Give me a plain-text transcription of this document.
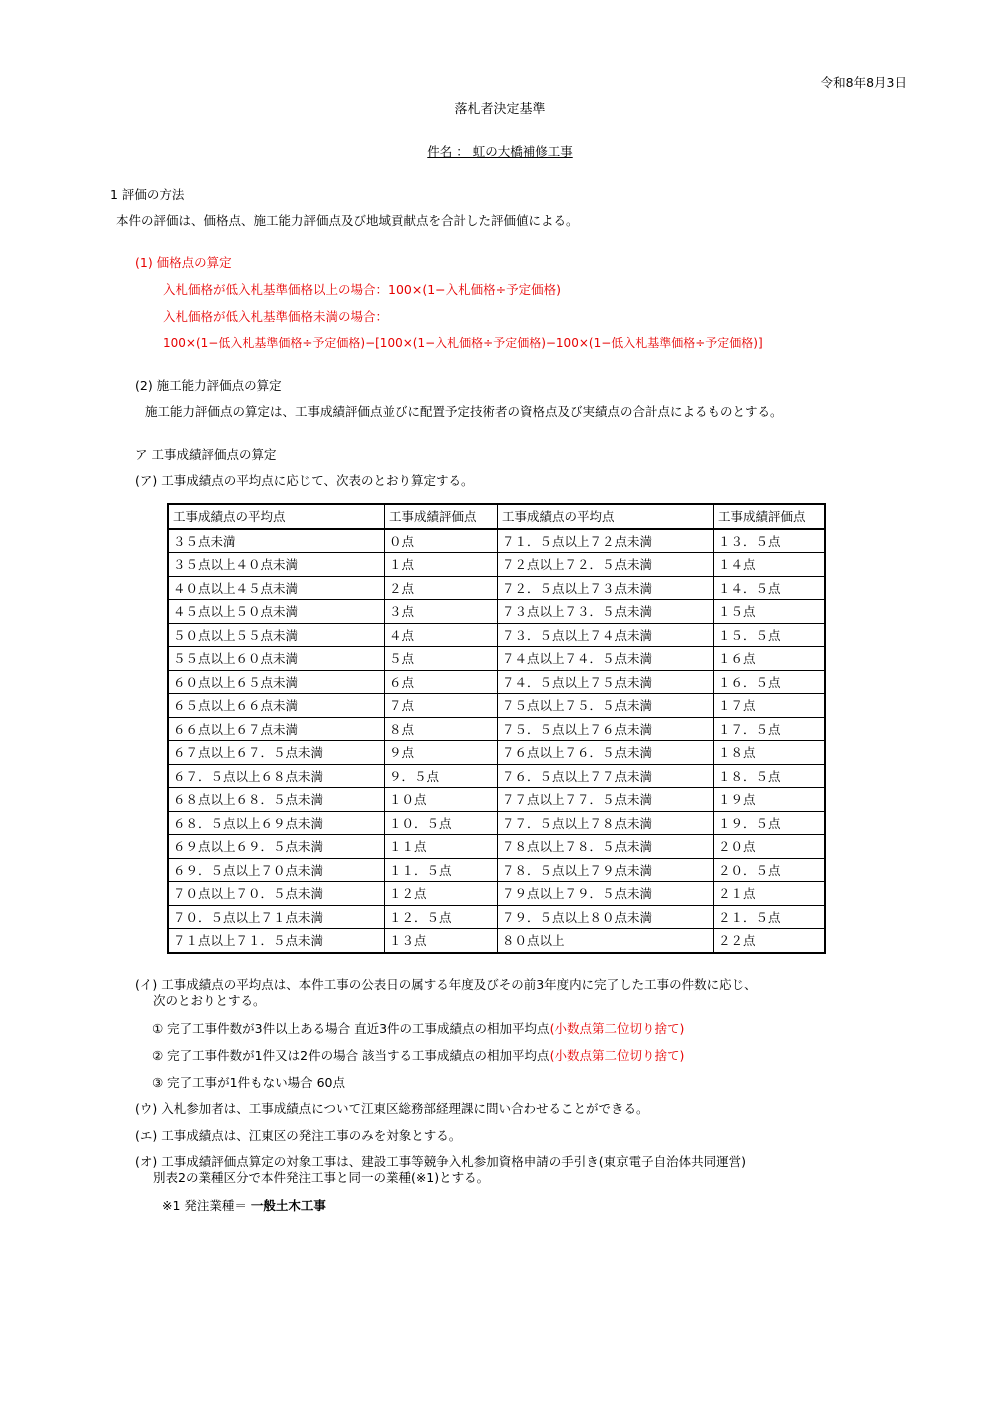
令和8年8月3日
落札者決定基準
件名 ： 虹の大橋補修工事
1 評価の方法
本件の評価は、価格点、施工能力評価点及び地域貢献点を合計した評価値による。
(1) 価格点の算定
入札価格が低入札基準価格以上の場合：100×(1−入札価格÷予定価格)
入札価格が低入札基準価格未満の場合：
100×(1−低入札基準価格÷予定価格)−[100×(1−入札価格÷予定価格)−100×(1−低入札基準価格÷予定価格)]
(2) 施工能力評価点の算定
施工能力評価点の算定は、工事成績評価点並びに配置予定技術者の資格点及び実績点の合計点によるものとする。
ア 工事成績評価点の算定
(ア) 工事成績点の平均点に応じて、次表のとおり算定する。
工事成績点の平均点	工事成績評価点	工事成績点の平均点	工事成績評価点
３５点未満	０点	７１．５点以上７２点未満	１３．５点
３５点以上４０点未満	１点	７２点以上７２．５点未満	１４点
４０点以上４５点未満	２点	７２．５点以上７３点未満	１４．５点
４５点以上５０点未満	３点	７３点以上７３．５点未満	１５点
５０点以上５５点未満	４点	７３．５点以上７４点未満	１５．５点
５５点以上６０点未満	５点	７４点以上７４．５点未満	１６点
６０点以上６５点未満	６点	７４．５点以上７５点未満	１６．５点
６５点以上６６点未満	７点	７５点以上７５．５点未満	１７点
６６点以上６７点未満	８点	７５．５点以上７６点未満	１７．５点
６７点以上６７．５点未満	９点	７６点以上７６．５点未満	１８点
６７．５点以上６８点未満	９．５点	７６．５点以上７７点未満	１８．５点
６８点以上６８．５点未満	１０点	７７点以上７７．５点未満	１９点
６８．５点以上６９点未満	１０．５点	７７．５点以上７８点未満	１９．５点
６９点以上６９．５点未満	１１点	７８点以上７８．５点未満	２０点
６９．５点以上７０点未満	１１．５点	７８．５点以上７９点未満	２０．５点
７０点以上７０．５点未満	１２点	７９点以上７９．５点未満	２１点
７０．５点以上７１点未満	１２．５点	７９．５点以上８０点未満	２１．５点
７１点以上７１．５点未満	１３点	８０点以上	２２点
(イ) 工事成績点の平均点は、本件工事の公表日の属する年度及びその前3年度内に完了した工事の件数に応じ、
次のとおりとする。
① 完了工事件数が3件以上ある場合 直近3件の工事成績点の相加平均点(小数点第二位切り捨て)
② 完了工事件数が1件又は2件の場合 該当する工事成績点の相加平均点(小数点第二位切り捨て)
③ 完了工事が1件もない場合 60点
(ウ) 入札参加者は、工事成績点について江東区総務部経理課に問い合わせることができる。
(エ) 工事成績点は、江東区の発注工事のみを対象とする。
(オ) 工事成績評価点算定の対象工事は、建設工事等競争入札参加資格申請の手引き(東京電子自治体共同運営)
別表2の業種区分で本件発注工事と同一の業種(※1)とする。
※1 発注業種＝ 一般土木工事
